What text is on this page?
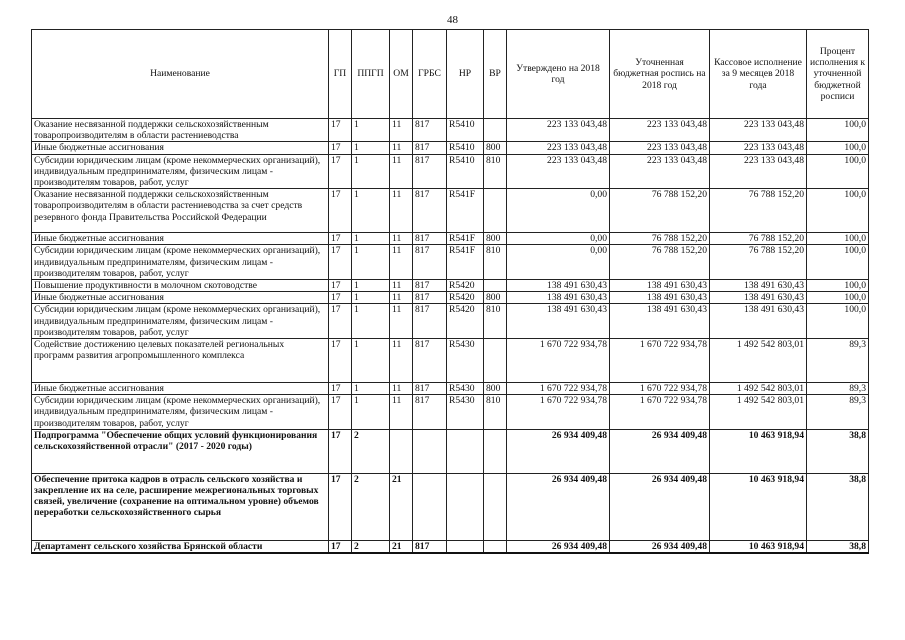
48
Наименование	ГП	ППГП	ОМ	ГРБС	НР	ВР	Утверждено на 2018 год	Уточненная бюджетная роспись на 2018 год	Кассовое исполнение за 9 месяцев 2018 года	Процент исполнения к уточненной бюджетной росписи
Оказание несвязанной поддержки сельскохозяйственным товаропроизводителям в области растениеводства	17	1	11	817	R5410		223 133 043,48	223 133 043,48	223 133 043,48	100,0
Иные бюджетные ассигнования	17	1	11	817	R5410	800	223 133 043,48	223 133 043,48	223 133 043,48	100,0
Субсидии юридическим лицам (кроме некоммерческих организаций), индивидуальным предпринимателям, физическим лицам - производителям товаров, работ, услуг	17	1	11	817	R5410	810	223 133 043,48	223 133 043,48	223 133 043,48	100,0
Оказание несвязанной поддержки сельскохозяйственным товаропроизводителям в области растениеводства за счет средств резервного фонда Правительства Российской Федерации	17	1	11	817	R541F		0,00	76 788 152,20	76 788 152,20	100,0
Иные бюджетные ассигнования	17	1	11	817	R541F	800	0,00	76 788 152,20	76 788 152,20	100,0
Субсидии юридическим лицам (кроме некоммерческих организаций), индивидуальным предпринимателям, физическим лицам - производителям товаров, работ, услуг	17	1	11	817	R541F	810	0,00	76 788 152,20	76 788 152,20	100,0
Повышение продуктивности в молочном скотоводстве	17	1	11	817	R5420		138 491 630,43	138 491 630,43	138 491 630,43	100,0
Иные бюджетные ассигнования	17	1	11	817	R5420	800	138 491 630,43	138 491 630,43	138 491 630,43	100,0
Субсидии юридическим лицам (кроме некоммерческих организаций), индивидуальным предпринимателям, физическим лицам - производителям товаров, работ, услуг	17	1	11	817	R5420	810	138 491 630,43	138 491 630,43	138 491 630,43	100,0
Содействие достижению целевых показателей региональных программ развития агропромышленного комплекса	17	1	11	817	R5430		1 670 722 934,78	1 670 722 934,78	1 492 542 803,01	89,3
Иные бюджетные ассигнования	17	1	11	817	R5430	800	1 670 722 934,78	1 670 722 934,78	1 492 542 803,01	89,3
Субсидии юридическим лицам (кроме некоммерческих организаций), индивидуальным предпринимателям, физическим лицам - производителям товаров, работ, услуг	17	1	11	817	R5430	810	1 670 722 934,78	1 670 722 934,78	1 492 542 803,01	89,3
Подпрограмма "Обеспечение общих условий функционирования сельскохозяйственной отрасли" (2017 - 2020 годы)	17	2					26 934 409,48	26 934 409,48	10 463 918,94	38,8
Обеспечение притока кадров в отрасль сельского хозяйства и закрепление их на селе, расширение межрегиональных торговых связей, увеличение (сохранение на оптимальном уровне) объемов переработки сельскохозяйственного сырья	17	2	21				26 934 409,48	26 934 409,48	10 463 918,94	38,8
Департамент сельского хозяйства Брянской области	17	2	21	817			26 934 409,48	26 934 409,48	10 463 918,94	38,8
